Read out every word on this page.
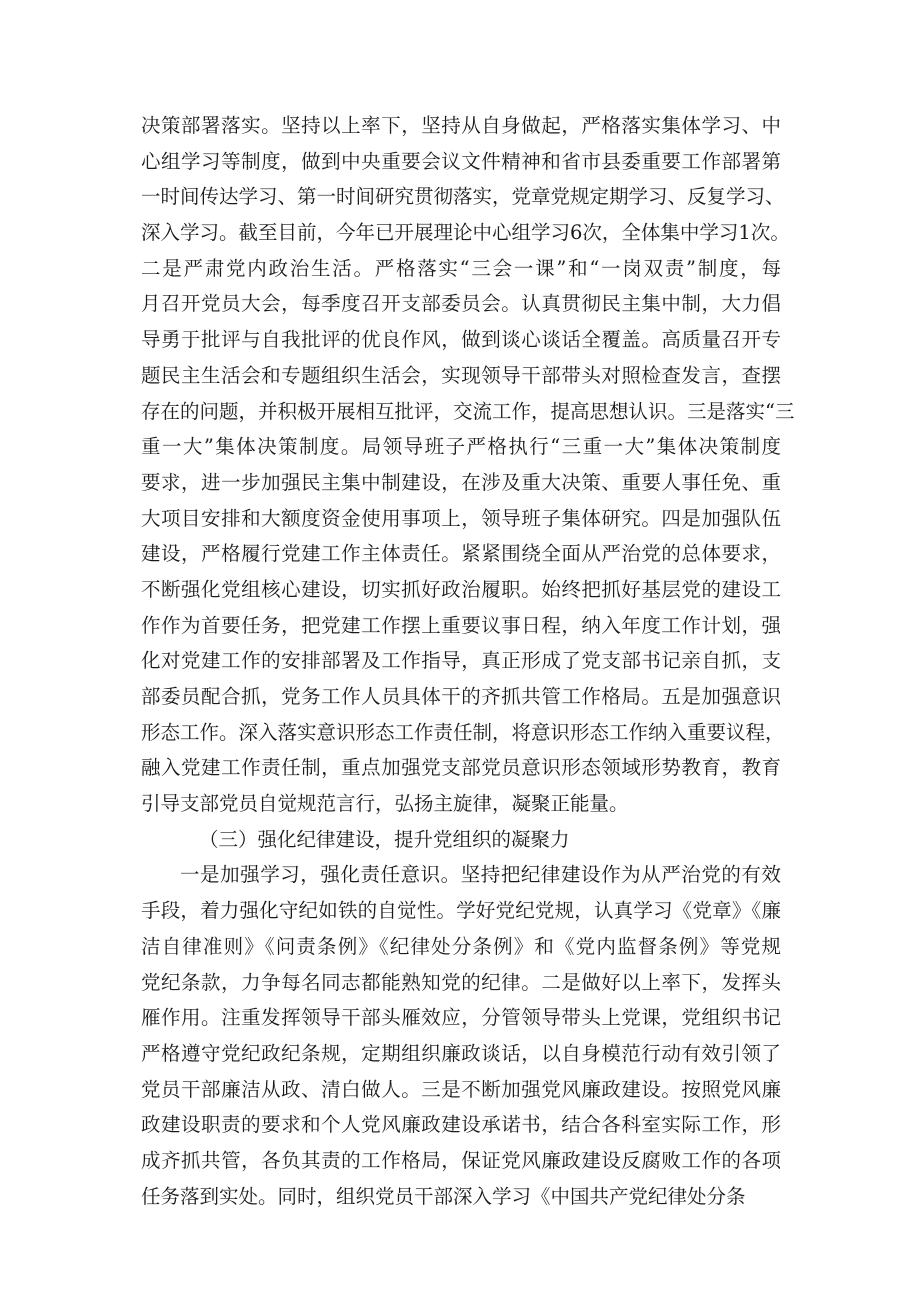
决策部署落实。坚持以上率下，坚持从自身做起，严格落实集体学习、中
心组学习等制度，做到中央重要会议文件精神和省市县委重要工作部署第
一时间传达学习、第一时间研究贯彻落实，党章党规定期学习、反复学习、
深入学习。截至目前，今年已开展理论中心组学习6次，全体集中学习1次。
二是严肃党内政治生活。严格落实“三会一课”和“一岗双责”制度，每
月召开党员大会，每季度召开支部委员会。认真贯彻民主集中制，大力倡
导勇于批评与自我批评的优良作风，做到谈心谈话全覆盖。高质量召开专
题民主生活会和专题组织生活会，实现领导干部带头对照检查发言，查摆
存在的问题，并积极开展相互批评，交流工作，提高思想认识。三是落实“三
重一大”集体决策制度。局领导班子严格执行“三重一大”集体决策制度
要求，进一步加强民主集中制建设，在涉及重大决策、重要人事任免、重
大项目安排和大额度资金使用事项上，领导班子集体研究。四是加强队伍
建设，严格履行党建工作主体责任。紧紧围绕全面从严治党的总体要求，
不断强化党组核心建设，切实抓好政治履职。始终把抓好基层党的建设工
作作为首要任务，把党建工作摆上重要议事日程，纳入年度工作计划，强
化对党建工作的安排部署及工作指导，真正形成了党支部书记亲自抓，支
部委员配合抓，党务工作人员具体干的齐抓共管工作格局。五是加强意识
形态工作。深入落实意识形态工作责任制，将意识形态工作纳入重要议程，
融入党建工作责任制，重点加强党支部党员意识形态领域形势教育，教育
引导支部党员自觉规范言行，弘扬主旋律，凝聚正能量。
（三）强化纪律建设，提升党组织的凝聚力
一是加强学习，强化责任意识。坚持把纪律建设作为从严治党的有效
手段，着力强化守纪如铁的自觉性。学好党纪党规，认真学习《党章》《廉
洁自律准则》《问责条例》《纪律处分条例》和《党内监督条例》等党规
党纪条款，力争每名同志都能熟知党的纪律。二是做好以上率下，发挥头
雁作用。注重发挥领导干部头雁效应，分管领导带头上党课，党组织书记
严格遵守党纪政纪条规，定期组织廉政谈话，以自身模范行动有效引领了
党员干部廉洁从政、清白做人。三是不断加强党风廉政建设。按照党风廉
政建设职责的要求和个人党风廉政建设承诺书，结合各科室实际工作，形
成齐抓共管，各负其责的工作格局，保证党风廉政建设反腐败工作的各项
任务落到实处。同时，组织党员干部深入学习《中国共产党纪律处分条
